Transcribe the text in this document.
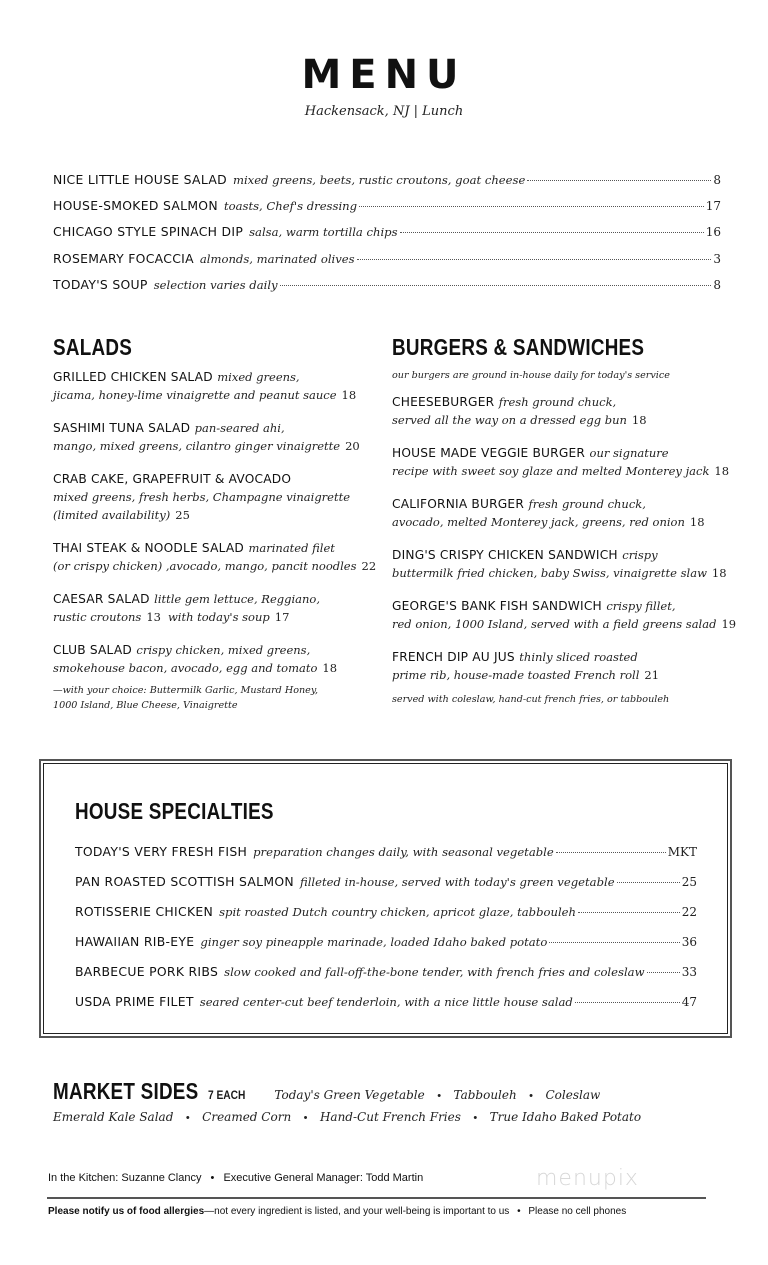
MENU
Hackensack, NJ | Lunch
NICE LITTLE HOUSE SALAD mixed greens, beets, rustic croutons, goat cheese	8
HOUSE-SMOKED SALMON toasts, Chef's dressing	17
CHICAGO STYLE SPINACH DIP salsa, warm tortilla chips	16
ROSEMARY FOCACCIA almonds, marinated olives	3
TODAY'S SOUP selection varies daily	8
SALADS
GRILLED CHICKEN SALAD mixed greens,
jicama, honey-lime vinaigrette and peanut sauce 18
SASHIMI TUNA SALAD pan-seared ahi,
mango, mixed greens, cilantro ginger vinaigrette 20
CRAB CAKE, GRAPEFRUIT & AVOCADO
mixed greens, fresh herbs, Champagne vinaigrette
(limited availability) 25
THAI STEAK & NOODLE SALAD marinated filet
(or crispy chicken) ,avocado, mango, pancit noodles 22
CAESAR SALAD little gem lettuce, Reggiano,
rustic croutons 13 with today's soup 17
CLUB SALAD crispy chicken, mixed greens,
smokehouse bacon, avocado, egg and tomato 18
—with your choice: Buttermilk Garlic, Mustard Honey,
1000 Island, Blue Cheese, Vinaigrette
BURGERS & SANDWICHES
our burgers are ground in-house daily for today's service
CHEESEBURGER fresh ground chuck,
served all the way on a dressed egg bun 18
HOUSE MADE VEGGIE BURGER our signature
recipe with sweet soy glaze and melted Monterey jack 18
CALIFORNIA BURGER fresh ground chuck,
avocado, melted Monterey jack, greens, red onion 18
DING'S CRISPY CHICKEN SANDWICH crispy
buttermilk fried chicken, baby Swiss, vinaigrette slaw 18
GEORGE'S BANK FISH SANDWICH crispy fillet,
red onion, 1000 Island, served with a field greens salad 19
FRENCH DIP AU JUS thinly sliced roasted
prime rib, house-made toasted French roll 21
served with coleslaw, hand-cut french fries, or tabbouleh
HOUSE SPECIALTIES
TODAY'S VERY FRESH FISH preparation changes daily, with seasonal vegetable	MKT
PAN ROASTED SCOTTISH SALMON filleted in-house, served with today's green vegetable	25
ROTISSERIE CHICKEN spit roasted Dutch country chicken, apricot glaze, tabbouleh	22
HAWAIIAN RIB-EYE ginger soy pineapple marinade, loaded Idaho baked potato	36
BARBECUE PORK RIBS slow cooked and fall-off-the-bone tender, with french fries and coleslaw	33
USDA PRIME FILET seared center-cut beef tenderloin, with a nice little house salad	47
MARKET SIDES 7 EACH Today's Green Vegetable • Tabbouleh • Coleslaw
Emerald Kale Salad • Creamed Corn • Hand-Cut French Fries • True Idaho Baked Potato
In the Kitchen: Suzanne Clancy • Executive General Manager: Todd Martin	menupix
Please notify us of food allergies—not every ingredient is listed, and your well-being is important to us • Please no cell phones
